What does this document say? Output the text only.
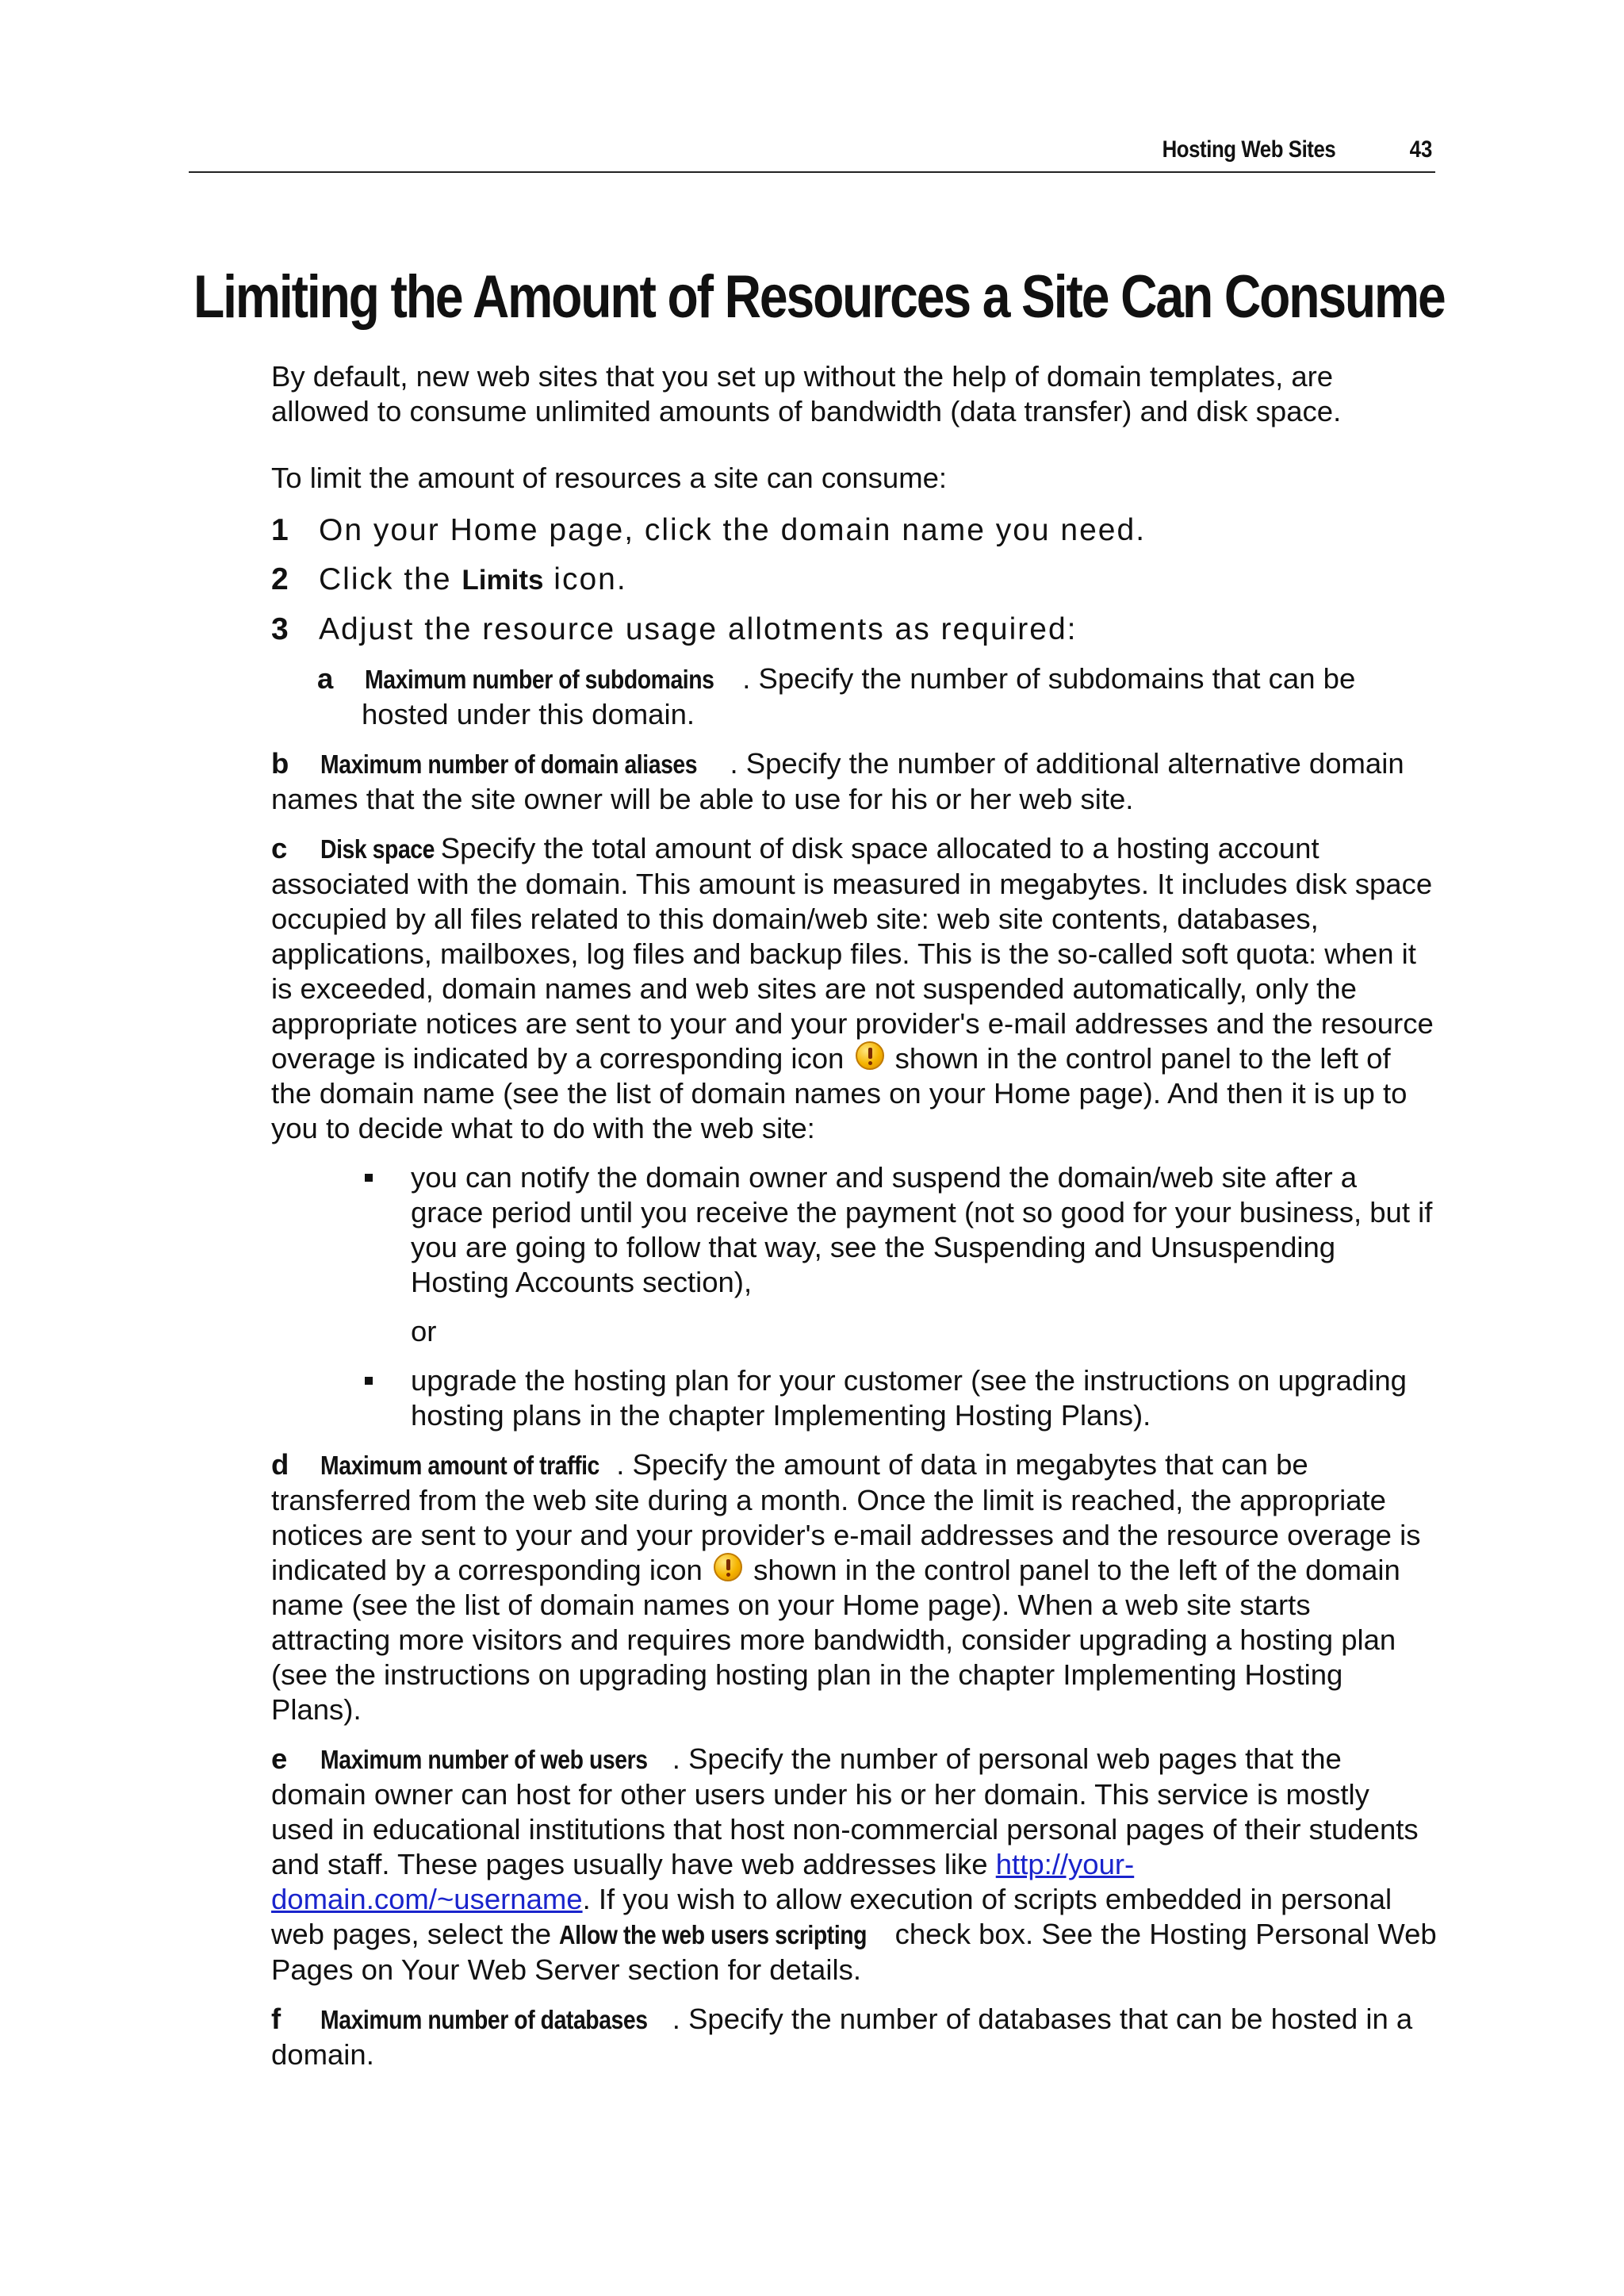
Hosting Web Sites	43
Limiting the Amount of Resources a Site Can Consume

By default, new web sites that you set up without the help of domain templates, are allowed to consume unlimited amounts of bandwidth (data transfer) and disk space.

To limit the amount of resources a site can consume:

1 On your Home page, click the domain name you need.
2 Click the Limits icon.
3 Adjust the resource usage allotments as required:
a	Maximum number of subdomains . Specify the number of subdomains that can be
hosted under this domain.

b Maximum number of domain aliases . Specify the number of additional alternative domain names that the site owner will be able to use for his or her web site.

c Disk space. Specify the total amount of disk space allocated to a hosting account associated with the domain. This amount is measured in megabytes. It includes disk space occupied by all files related to this domain/web site: web site contents, databases, applications, mailboxes, log files and backup files. This is the so-called soft quota: when it is exceeded, domain names and web sites are not suspended automatically, only the appropriate notices are sent to your and your provider's e-mail addresses and the resource overage is indicated by a corresponding icon  shown in the control panel to the left of the domain name (see the list of domain names on your Home page). And then it is up to you to decide what to do with the web site:

you can notify the domain owner and suspend the domain/web site after a grace period until you receive the payment (not so good for your business, but if you are going to follow that way, see the Suspending and Unsuspending Hosting Accounts section),

or

upgrade the hosting plan for your customer (see the instructions on upgrading hosting plans in the chapter Implementing Hosting Plans).

d Maximum amount of traffic . Specify the amount of data in megabytes that can be transferred from the web site during a month. Once the limit is reached, the appropriate notices are sent to your and your provider's e-mail addresses and the resource overage is indicated by a corresponding icon  shown in the control panel to the left of the domain name (see the list of domain names on your Home page). When a web site starts attracting more visitors and requires more bandwidth, consider upgrading a hosting plan (see the instructions on upgrading hosting plan in the chapter Implementing Hosting Plans).

e Maximum number of web users . Specify the number of personal web pages that the domain owner can host for other users under his or her domain. This service is mostly used in educational institutions that host non-commercial personal pages of their students and staff. These pages usually have web addresses like http://your-domain.com/~username. If you wish to allow execution of scripts embedded in personal web pages, select the Allow the web users scripting check box. See the Hosting Personal Web Pages on Your Web Server section for details.

f Maximum number of databases . Specify the number of databases that can be hosted in a domain.
